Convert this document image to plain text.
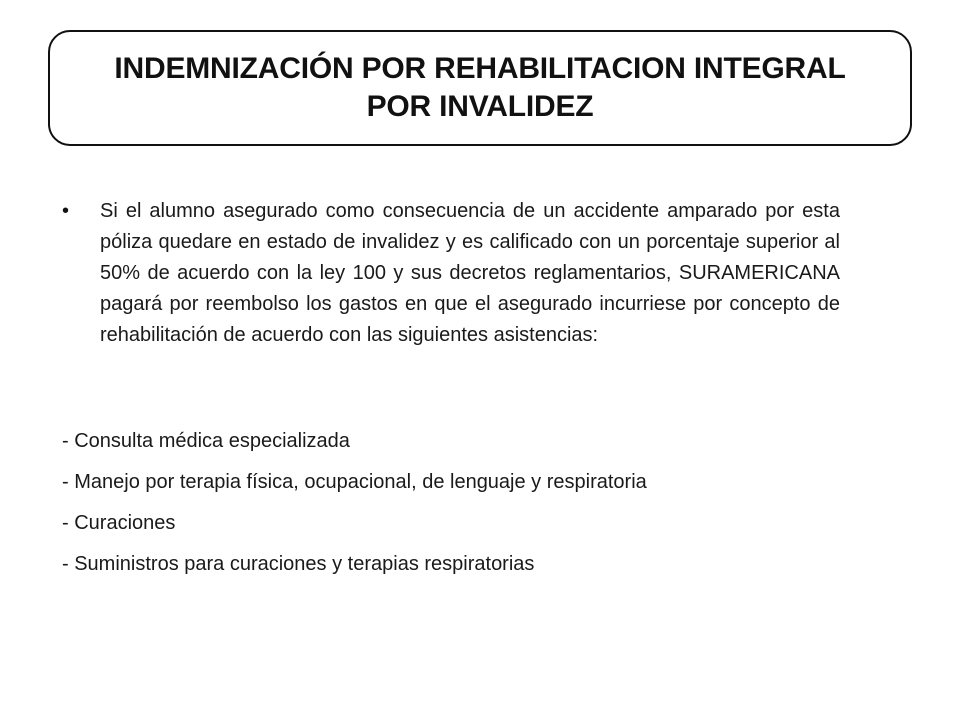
INDEMNIZACIÓN POR REHABILITACION INTEGRAL
POR INVALIDEZ
•	Si el alumno asegurado como consecuencia de un accidente amparado por esta póliza quedare en estado de invalidez y es calificado con un porcentaje superior al 50% de acuerdo con la ley 100 y sus decretos reglamentarios, SURAMERICANA pagará por reembolso los gastos en que el asegurado incurriese por concepto de rehabilitación de acuerdo con las siguientes asistencias:

- Consulta médica especializada
- Manejo por terapia física, ocupacional, de lenguaje y respiratoria
- Curaciones
- Suministros para curaciones y terapias respiratorias
